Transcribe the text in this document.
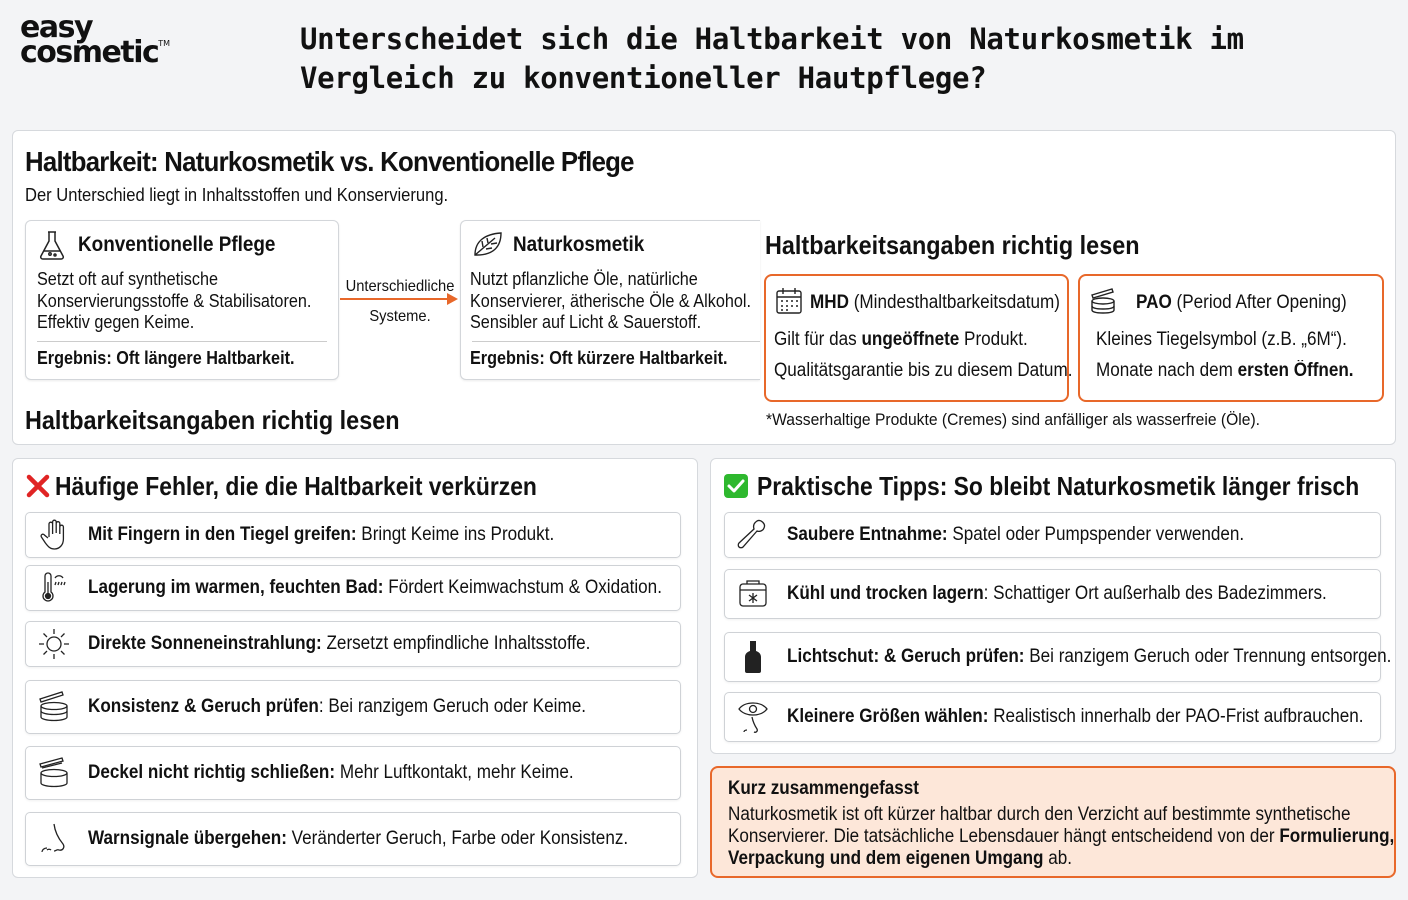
easy
cosmetic™	Unterscheidet sich die Haltbarkeit von Naturkosmetik im
Vergleich zu konventioneller Hautpflege?
Haltbarkeit: Naturkosmetik vs. Konventionelle Pflege
Der Unterschied liegt in Inhaltsstoffen und Konservierung.
Konventionelle Pflege
Setzt oft auf synthetische
Konservierungsstoffe & Stabilisatoren.
Effektiv gegen Keime.
Ergebnis: Oft längere Haltbarkeit.
Unterschiedliche
Systeme.
Naturkosmetik
Nutzt pflanzliche Öle, natürliche
Konservierer, ätherische Öle & Alkohol.
Sensibler auf Licht & Sauerstoff.
Ergebnis: Oft kürzere Haltbarkeit.
Haltbarkeitsangaben richtig lesen
MHD (Mindesthaltbarkeitsdatum)
Gilt für das ungeöffnete Produkt.
Qualitätsgarantie bis zu diesem Datum.
PAO (Period After Opening)
Kleines Tiegelsymbol (z.B. „6M“).
Monate nach dem ersten Öffnen.
Haltbarkeitsangaben richtig lesen	*Wasserhaltige Produkte (Cremes) sind anfälliger als wasserfreie (Öle).
Häufige Fehler, die die Haltbarkeit verkürzen
Mit Fingern in den Tiegel greifen: Bringt Keime ins Produkt.
Lagerung im warmen, feuchten Bad: Fördert Keimwachstum & Oxidation.
Direkte Sonneneinstrahlung: Zersetzt empfindliche Inhaltsstoffe.
Konsistenz & Geruch prüfen: Bei ranzigem Geruch oder Keime.
Deckel nicht richtig schließen: Mehr Luftkontakt, mehr Keime.
Warnsignale übergehen: Veränderter Geruch, Farbe oder Konsistenz.
Praktische Tipps: So bleibt Naturkosmetik länger frisch
Saubere Entnahme: Spatel oder Pumpspender verwenden.
Kühl und trocken lagern: Schattiger Ort außerhalb des Badezimmers.
Lichtschut: & Geruch prüfen: Bei ranzigem Geruch oder Trennung entsorgen.
Kleinere Größen wählen: Realistisch innerhalb der PAO-Frist aufbrauchen.
Kurz zusammengefasst
Naturkosmetik ist oft kürzer haltbar durch den Verzicht auf bestimmte synthetische
Konservierer. Die tatsächliche Lebensdauer hängt entscheidend von der Formulierung,
Verpackung und dem eigenen Umgang ab.
